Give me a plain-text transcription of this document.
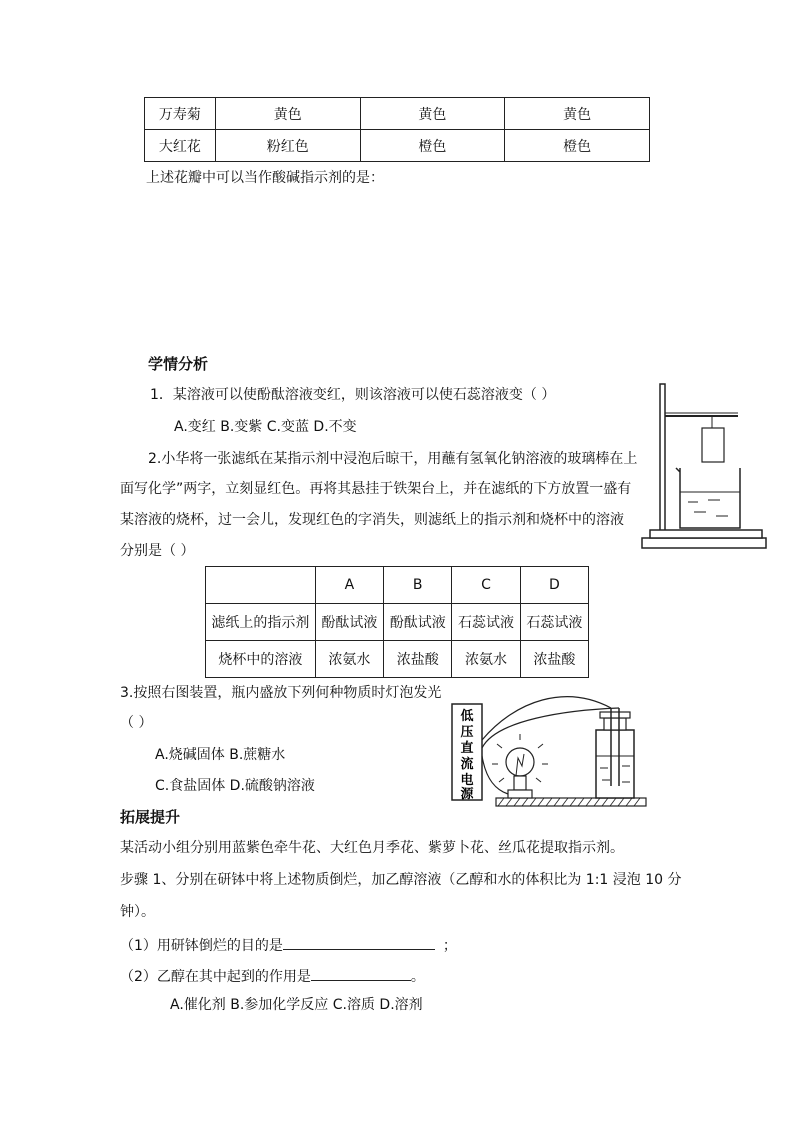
万寿菊	黄色	黄色	黄色
大红花	粉红色	橙色	橙色
上述花瓣中可以当作酸碱指示剂的是：
学情分析
1．某溶液可以使酚酞溶液变红，则该溶液可以使石蕊溶液变（ ）
A.变红 B.变紫 C.变蓝 D.不变
2.小华将一张滤纸在某指示剂中浸泡后晾干，用蘸有氢氧化钠溶液的玻璃棒在上
面写化学”两字，立刻显红色。再将其悬挂于铁架台上，并在滤纸的下方放置一盛有
某溶液的烧杯，过一会儿，发现红色的字消失，则滤纸上的指示剂和烧杯中的溶液
分别是（ ）
	A	B	C	D
滤纸上的指示剂	酚酞试液	酚酞试液	石蕊试液	石蕊试液
烧杯中的溶液	浓氨水	浓盐酸	浓氨水	浓盐酸
3.按照右图装置，瓶内盛放下列何种物质时灯泡发光
（ ）
A.烧碱固体 B.蔗糖水
C.食盐固体 D.硫酸钠溶液
低
压
直
流
电
源
拓展提升
某活动小组分别用蓝紫色牵牛花、大红色月季花、紫萝卜花、丝瓜花提取指示剂。
步骤 1、分别在研钵中将上述物质倒烂，加乙醇溶液（乙醇和水的体积比为 1:1 浸泡 10 分
钟）。
（1）用研钵倒烂的目的是	；
（2）乙醇在其中起到的作用是	。
A.催化剂 B.参加化学反应 C.溶质 D.溶剂
